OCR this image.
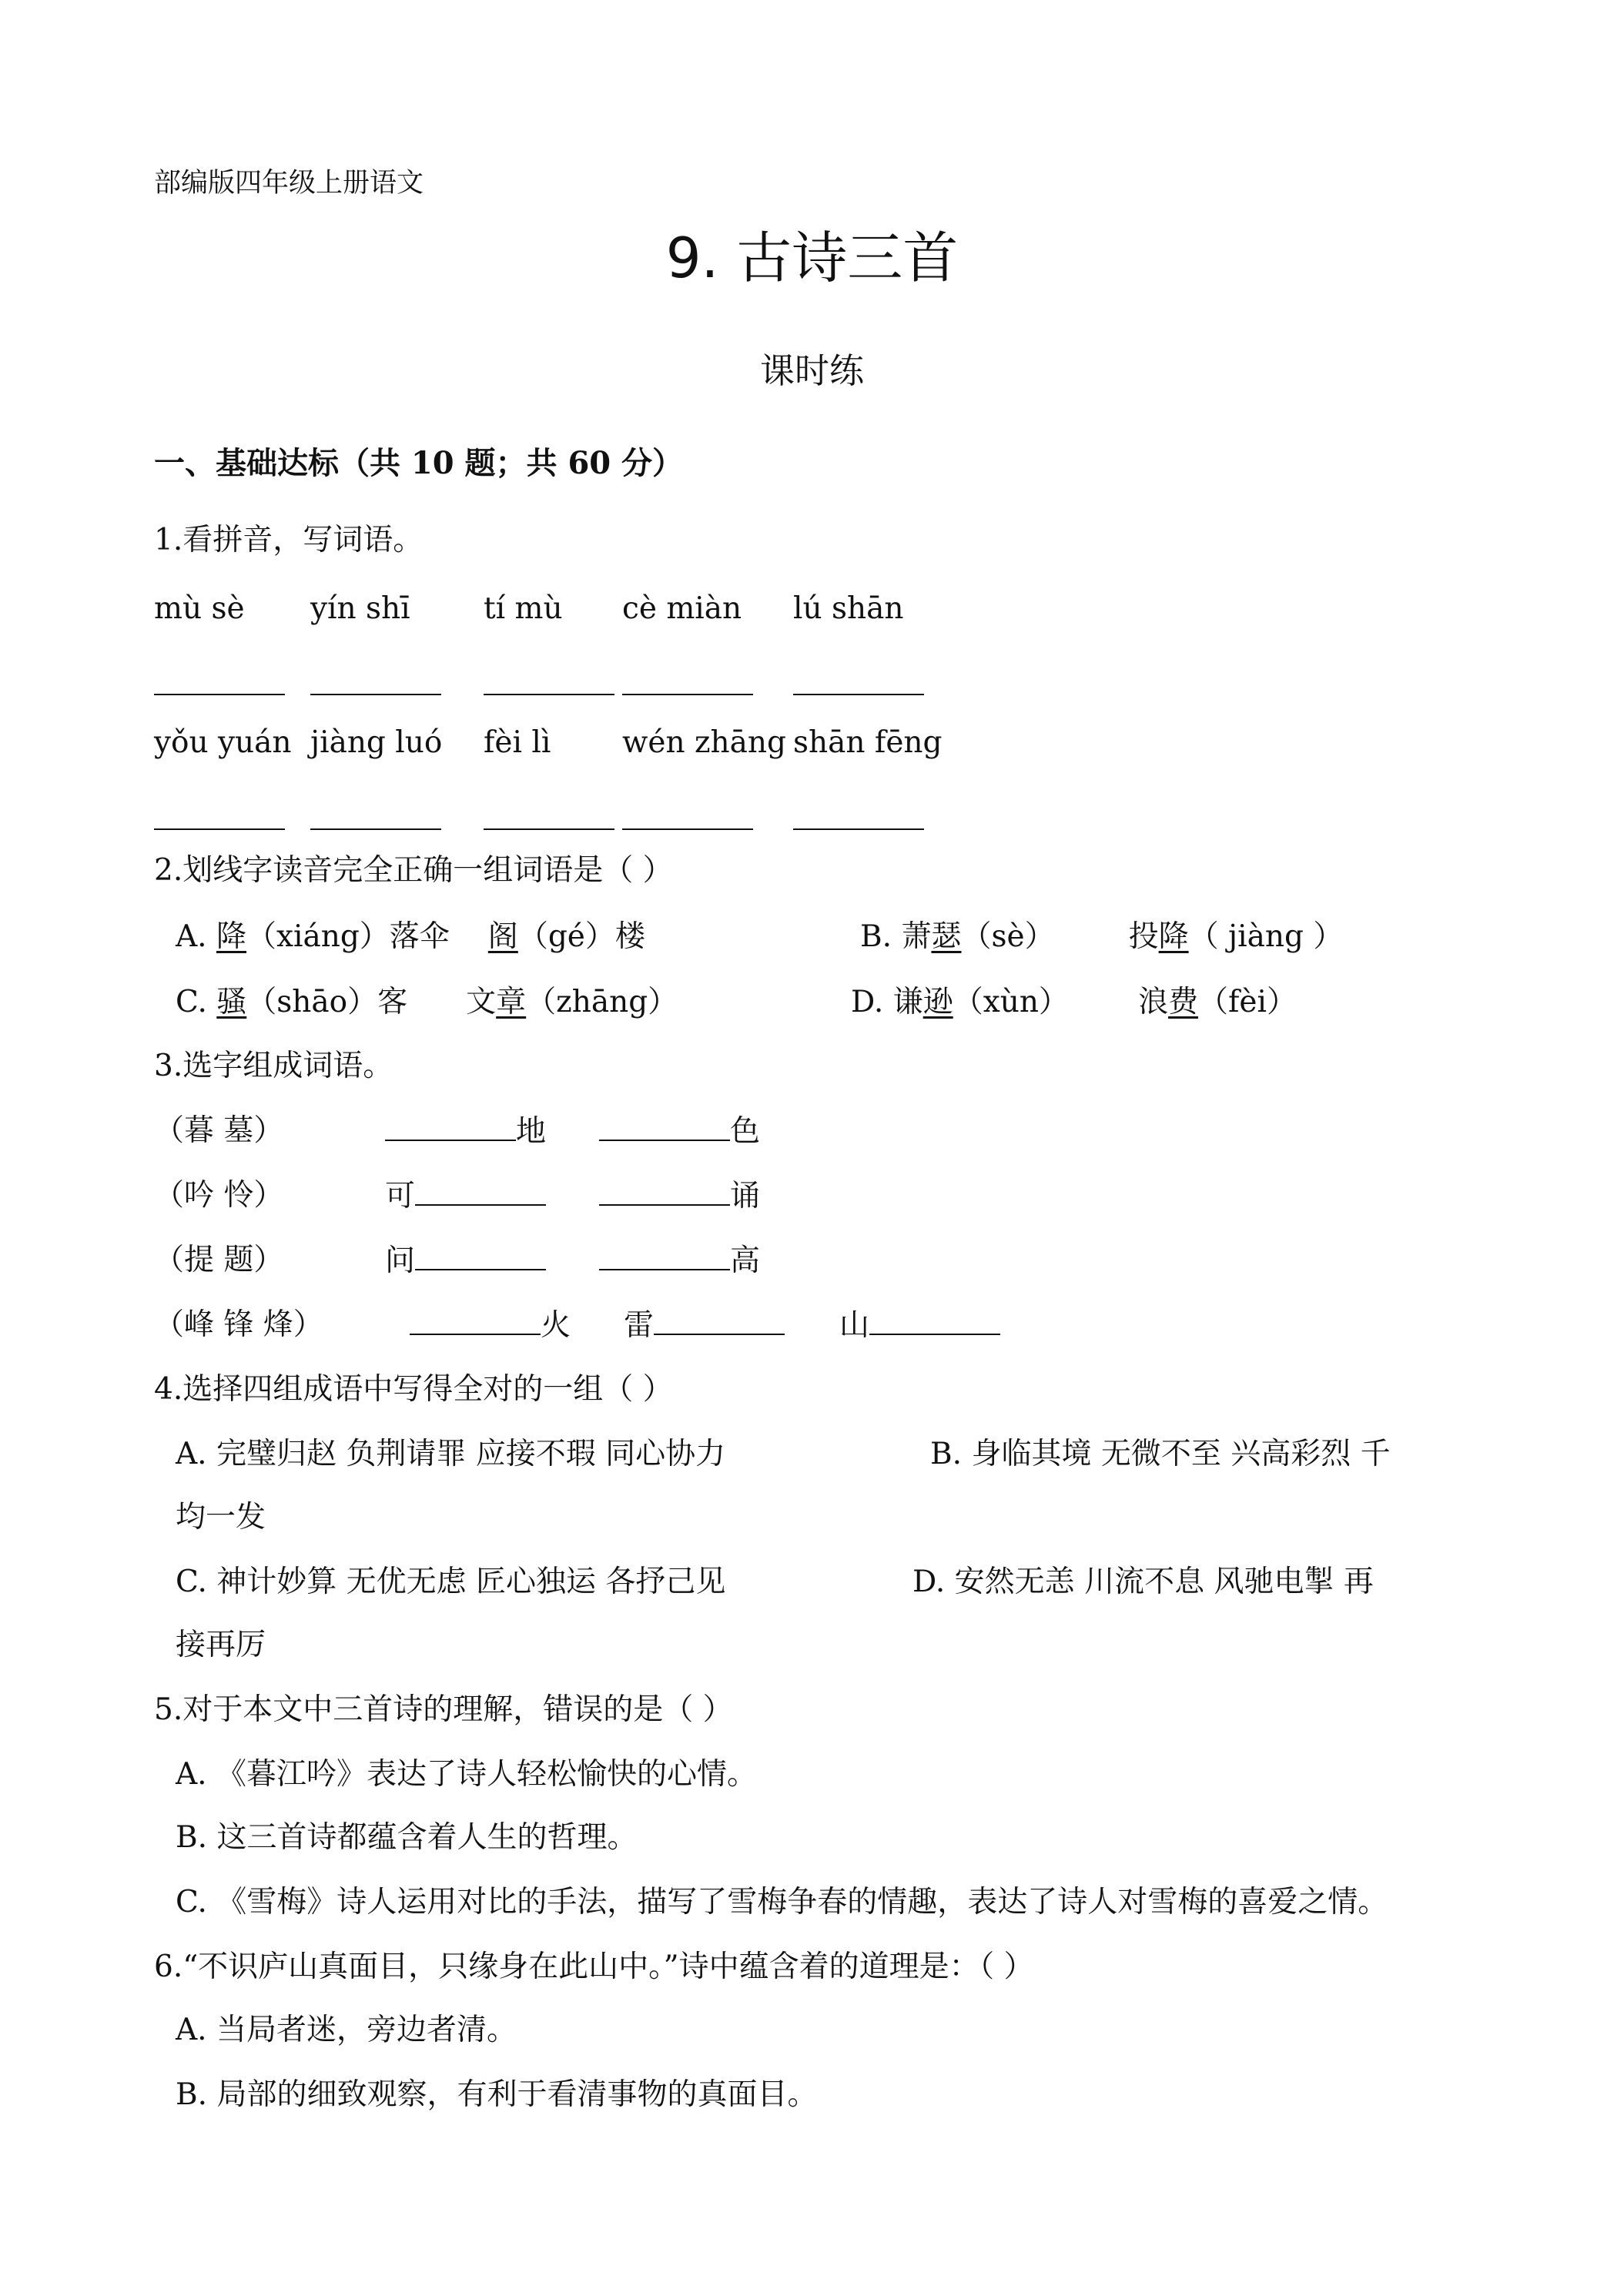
部编版四年级上册语文
9. 古诗三首
课时练
一、基础达标（共 10 题；共 60 分）
1.看拼音，写词语。
mù sè yín shī tí mù cè miàn lú shān
yǒu yuán jiàng luó fèi lì wén zhāng shān fēng
2.划线字读音完全正确一组词语是（ ）
A. 降（xiáng）落伞 阁（gé）楼	B. 萧瑟（sè） 投降（ jiàng ）
C. 骚（shāo）客 文章（zhāng）	D. 谦逊（xùn） 浪费（fèi）
3.选字组成词语。
（暮 墓）	地	色
（吟 怜）	可	诵
（提 题）	问	高
（峰 锋 烽）	火 雷	山
4.选择四组成语中写得全对的一组（ ）
A. 完璧归赵 负荆请罪 应接不瑕 同心协力	B. 身临其境 无微不至 兴高彩烈 千
均一发
C. 神计妙算 无优无虑 匠心独运 各抒己见	D. 安然无恙 川流不息 风驰电掣 再
接再厉
5.对于本文中三首诗的理解，错误的是（ ）
A. 《暮江吟》表达了诗人轻松愉快的心情。
B. 这三首诗都蕴含着人生的哲理。
C. 《雪梅》诗人运用对比的手法，描写了雪梅争春的情趣，表达了诗人对雪梅的喜爱之情。
6.“不识庐山真面目，只缘身在此山中。”诗中蕴含着的道理是：（ ）
A. 当局者迷，旁边者清。
B. 局部的细致观察，有利于看清事物的真面目。
